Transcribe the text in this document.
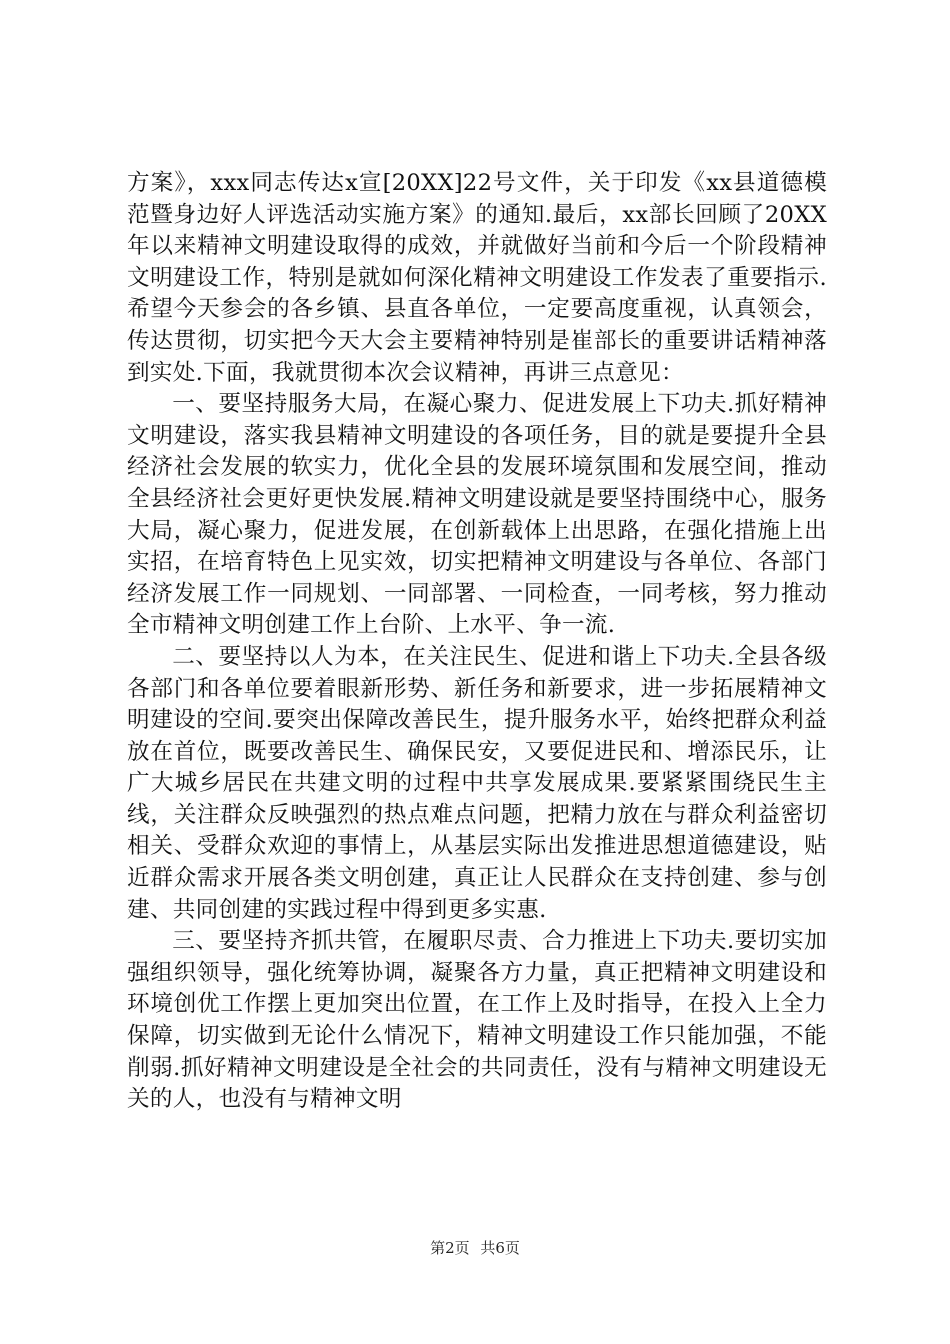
方案》，xxx同志传达x宣[20XX]22号文件，关于印发《xx县道德模范暨身边好人评选活动实施方案》的通知.最后，xx部长回顾了20XX年以来精神文明建设取得的成效，并就做好当前和今后一个阶段精神文明建设工作，特别是就如何深化精神文明建设工作发表了重要指示.希望今天参会的各乡镇、县直各单位，一定要高度重视，认真领会，传达贯彻，切实把今天大会主要精神特别是崔部长的重要讲话精神落到实处.下面，我就贯彻本次会议精神，再讲三点意见：

一、要坚持服务大局，在凝心聚力、促进发展上下功夫.抓好精神文明建设，落实我县精神文明建设的各项任务，目的就是要提升全县经济社会发展的软实力，优化全县的发展环境氛围和发展空间，推动全县经济社会更好更快发展.精神文明建设就是要坚持围绕中心，服务大局，凝心聚力，促进发展，在创新载体上出思路，在强化措施上出实招，在培育特色上见实效，切实把精神文明建设与各单位、各部门经济发展工作一同规划、一同部署、一同检查，一同考核，努力推动全市精神文明创建工作上台阶、上水平、争一流.

二、要坚持以人为本，在关注民生、促进和谐上下功夫.全县各级各部门和各单位要着眼新形势、新任务和新要求，进一步拓展精神文明建设的空间.要突出保障改善民生，提升服务水平，始终把群众利益放在首位，既要改善民生、确保民安，又要促进民和、增添民乐，让广大城乡居民在共建文明的过程中共享发展成果.要紧紧围绕民生主线，关注群众反映强烈的热点难点问题，把精力放在与群众利益密切相关、受群众欢迎的事情上，从基层实际出发推进思想道德建设，贴近群众需求开展各类文明创建，真正让人民群众在支持创建、参与创建、共同创建的实践过程中得到更多实惠.

三、要坚持齐抓共管，在履职尽责、合力推进上下功夫.要切实加强组织领导，强化统筹协调，凝聚各方力量，真正把精神文明建设和环境创优工作摆上更加突出位置，在工作上及时指导，在投入上全力保障，切实做到无论什么情况下，精神文明建设工作只能加强，不能削弱.抓好精神文明建设是全社会的共同责任，没有与精神文明建设无关的人，也没有与精神文明

第2页 共6页
